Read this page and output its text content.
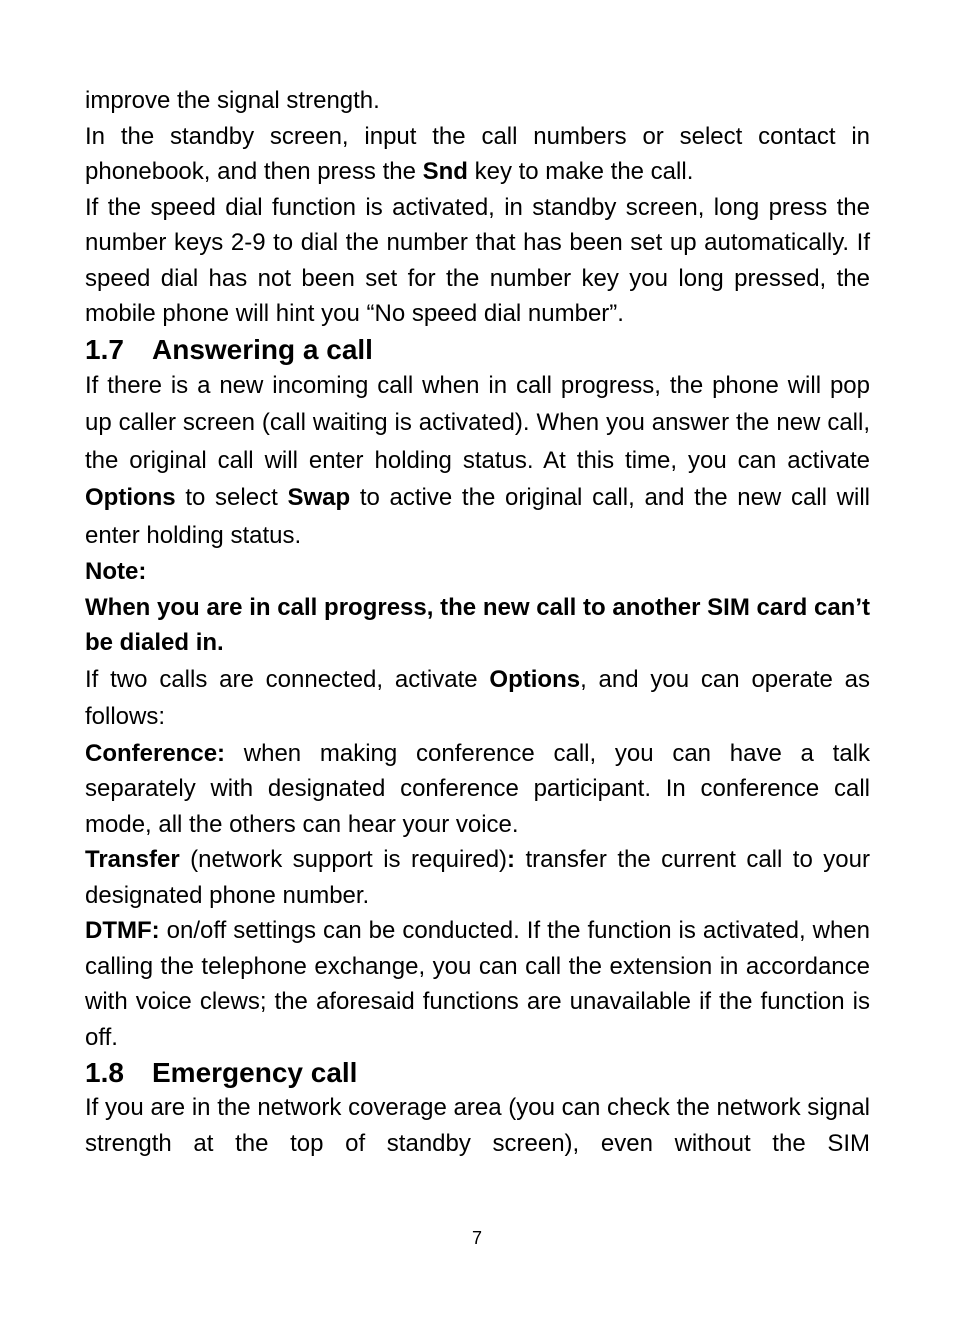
improve the signal strength.

In the standby screen, input the call numbers or select contact in phonebook, and then press the Snd key to make the call.

If the speed dial function is activated, in standby screen, long press the number keys 2-9 to dial the number that has been set up automatically. If speed dial has not been set for the number key you long pressed, the mobile phone will hint you “No speed dial number”.

1.7 Answering a call

If there is a new incoming call when in call progress, the phone will pop up caller screen (call waiting is activated). When you answer the new call, the original call will enter holding status. At this time, you can activate Options to select Swap to active the original call, and the new call will enter holding status.

Note:

When you are in call progress, the new call to another SIM card can’t be dialed in.

If two calls are connected, activate Options, and you can operate as follows:

Conference: when making conference call, you can have a talk separately with designated conference participant. In conference call mode, all the others can hear your voice.

Transfer (network support is required): transfer the current call to your designated phone number.

DTMF: on/off settings can be conducted. If the function is activated, when calling the telephone exchange, you can call the extension in accordance with voice clews; the aforesaid functions are unavailable if the function is off.

1.8 Emergency call

If you are in the network coverage area (you can check the network signal strength at the top of standby screen), even without the SIM

7
